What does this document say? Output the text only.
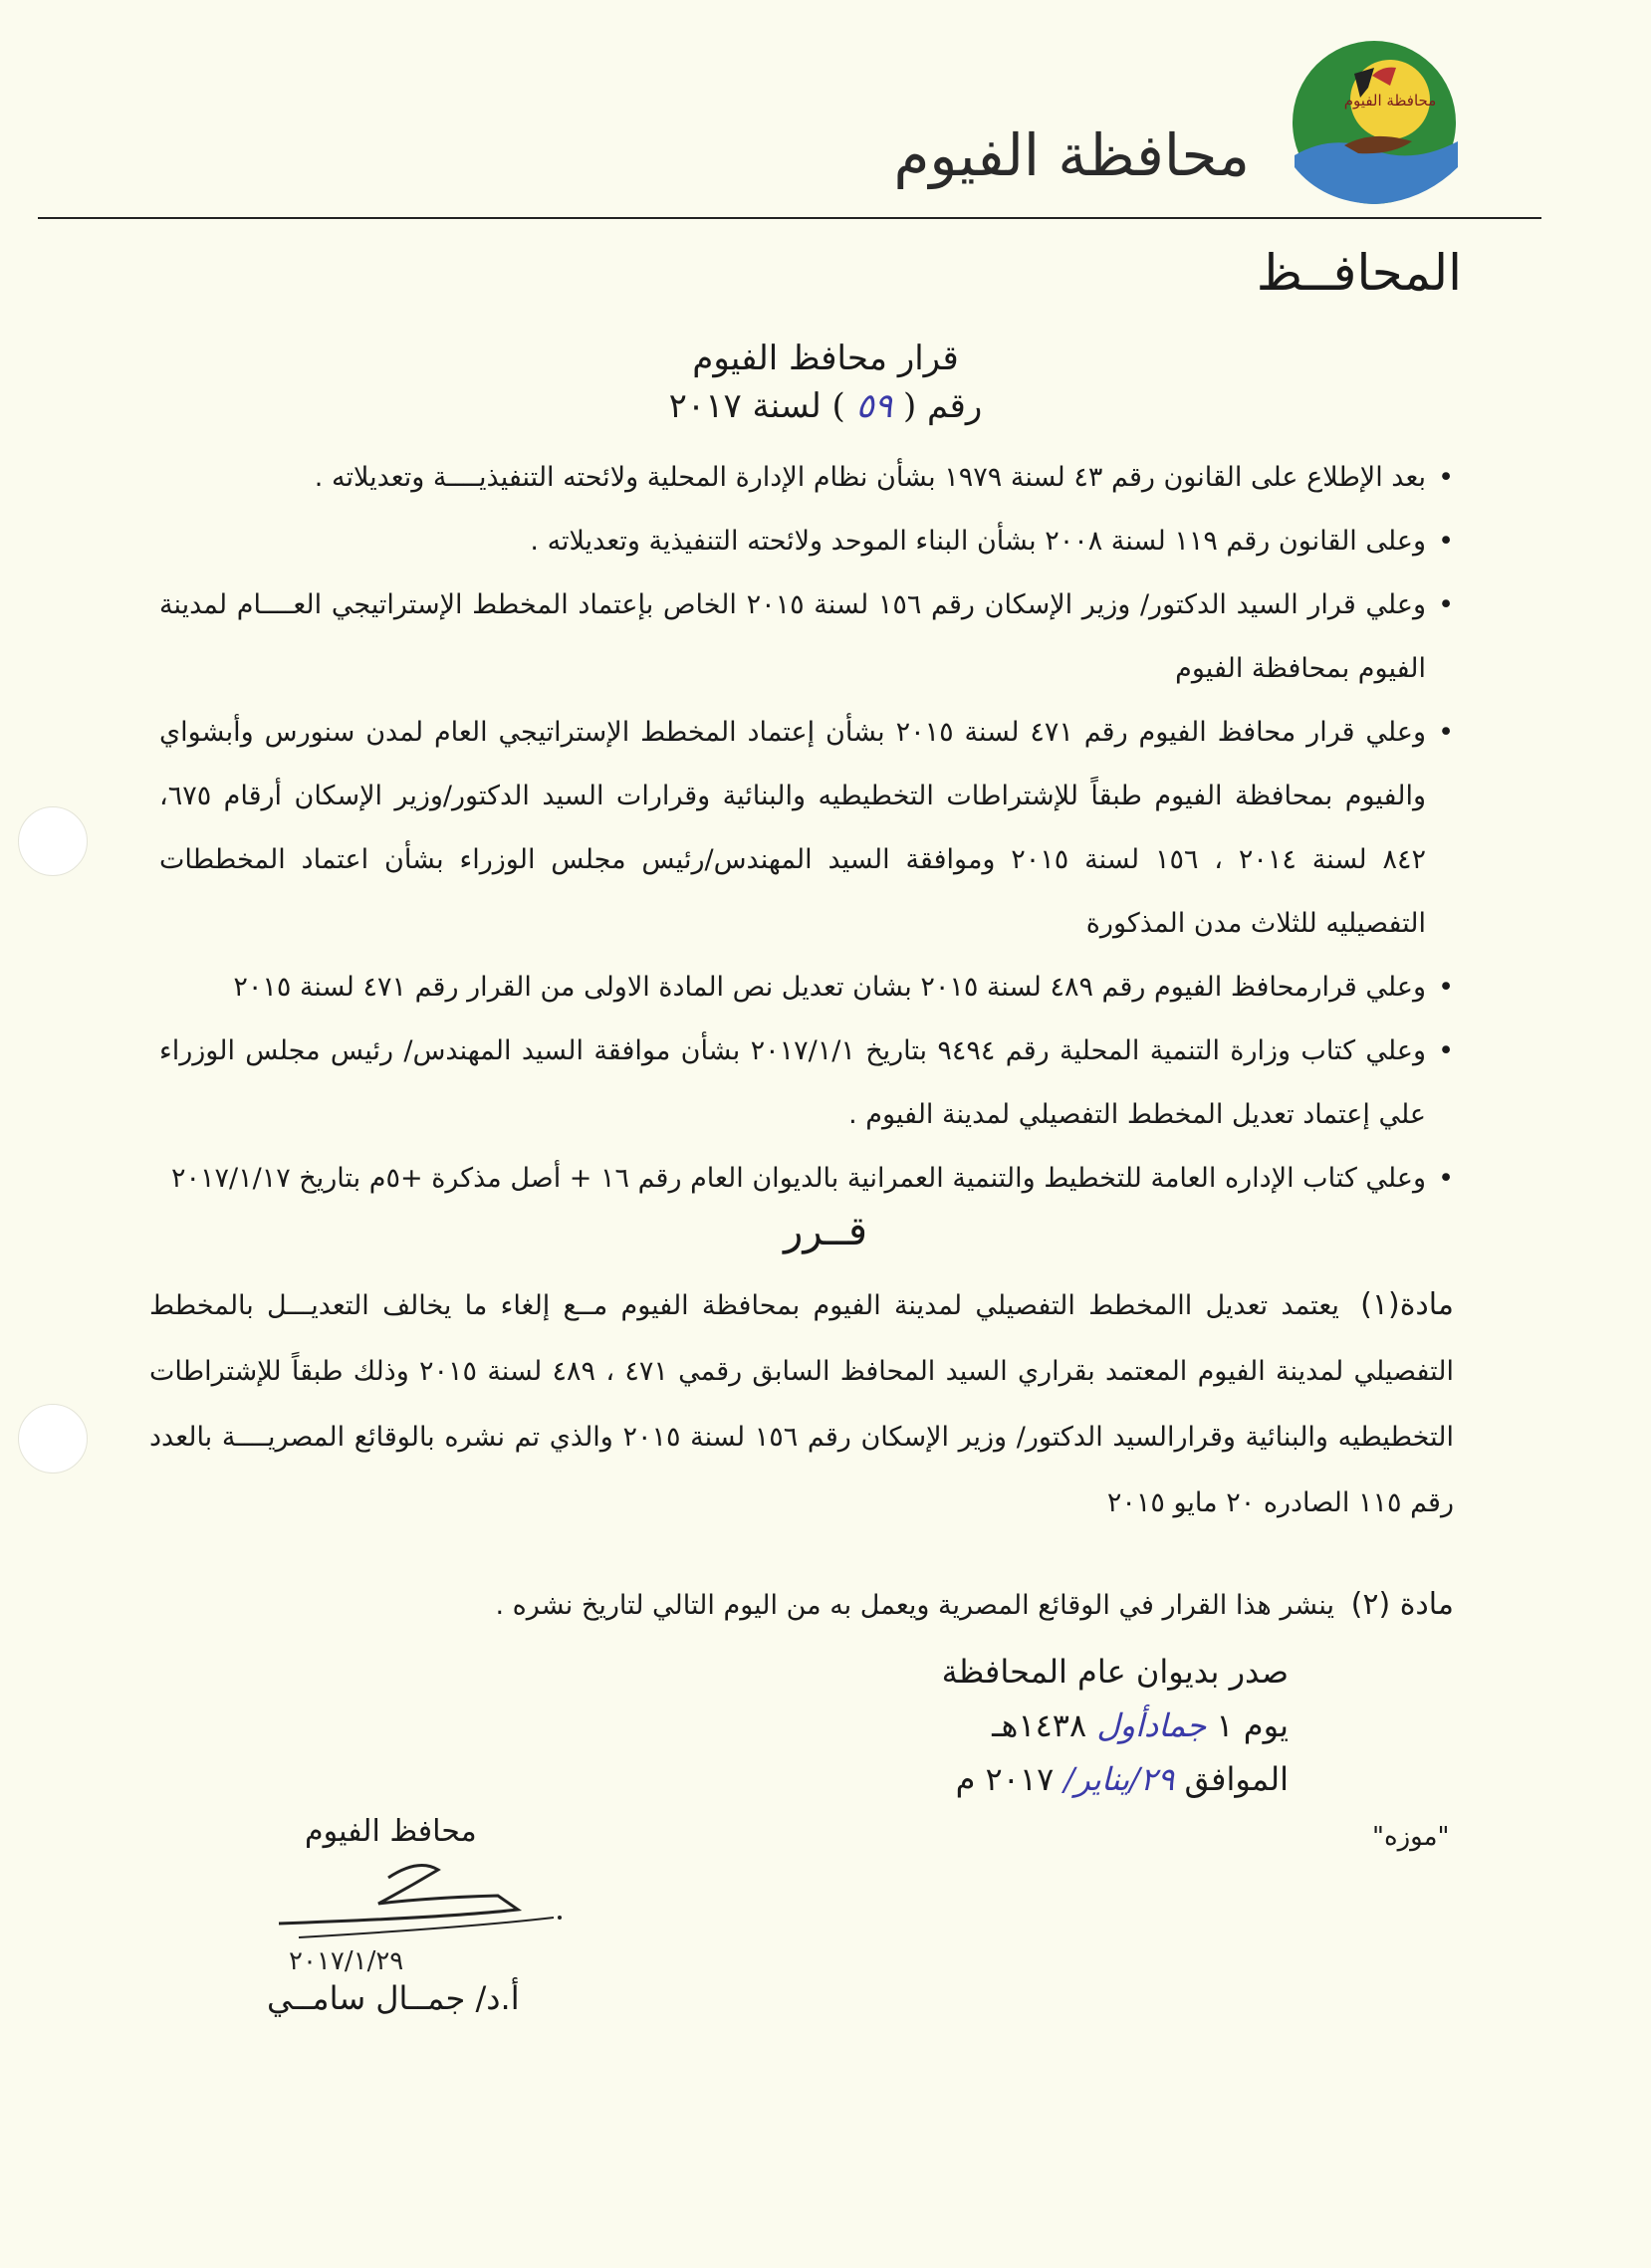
محافظة الفيوم
محافظة الفيوم
المحافــظ
قرار محافظ الفيوم
رقم ( ٥٩ ) لسنة ٢٠١٧

• بعد الإطلاع على القانون رقم ٤٣ لسنة ١٩٧٩ بشأن نظام الإدارة المحلية ولائحته التنفيذيــــة وتعديلاته .

• وعلى القانون رقم ١١٩ لسنة ٢٠٠٨ بشأن البناء الموحد ولائحته التنفيذية وتعديلاته .

• وعلي قرار السيد الدكتور/ وزير الإسكان رقم ١٥٦ لسنة ٢٠١٥ الخاص بإعتماد المخطط الإستراتيجي العــــام لمدينة الفيوم بمحافظة الفيوم

• وعلي قرار محافظ الفيوم رقم ٤٧١ لسنة ٢٠١٥ بشأن إعتماد المخطط الإستراتيجي العام لمدن سنورس وأبشواي والفيوم بمحافظة الفيوم طبقاً للإشتراطات التخطيطيه والبنائية وقرارات السيد الدكتور/وزير الإسكان أرقام ٦٧٥، ٨٤٢ لسنة ٢٠١٤ ، ١٥٦ لسنة ٢٠١٥ وموافقة السيد المهندس/رئيس مجلس الوزراء بشأن اعتماد المخططات التفصيليه للثلاث مدن المذكورة

• وعلي قرارمحافظ الفيوم رقم ٤٨٩ لسنة ٢٠١٥ بشان تعديل نص المادة الاولى من القرار رقم ٤٧١ لسنة ٢٠١٥

• وعلي كتاب وزارة التنمية المحلية رقم ٩٤٩٤ بتاريخ ٢٠١٧/١/١ بشأن موافقة السيد المهندس/ رئيس مجلس الوزراء علي إعتماد تعديل المخطط التفصيلي لمدينة الفيوم .

• وعلي كتاب الإداره العامة للتخطيط والتنمية العمرانية بالديوان العام رقم ١٦ + أصل مذكرة +٥م بتاريخ ٢٠١٧/١/١٧

قــرر

مادة(١) يعتمد تعديل االمخطط التفصيلي لمدينة الفيوم بمحافظة الفيوم مــع إلغاء ما يخالف التعديـــل بالمخطط التفصيلي لمدينة الفيوم المعتمد بقراري السيد المحافظ السابق رقمي ٤٧١ ، ٤٨٩ لسنة ٢٠١٥ وذلك طبقاً للإشتراطات التخطيطيه والبنائية وقرارالسيد الدكتور/ وزير الإسكان رقم ١٥٦ لسنة ٢٠١٥ والذي تم نشره بالوقائع المصريــــة بالعدد رقم ١١٥ الصادره ٢٠ مايو ٢٠١٥

مادة (٢) ينشر هذا القرار في الوقائع المصرية ويعمل به من اليوم التالي لتاريخ نشره .

صدر بديوان عام المحافظة
يوم ١ جمادأول ١٤٣٨هـ
الموافق ٢٩/يناير/ ٢٠١٧ م
"موزه"
محافظ الفيوم
٢٠١٧/١/٢٩
أ.د/ جمــال سامــي
